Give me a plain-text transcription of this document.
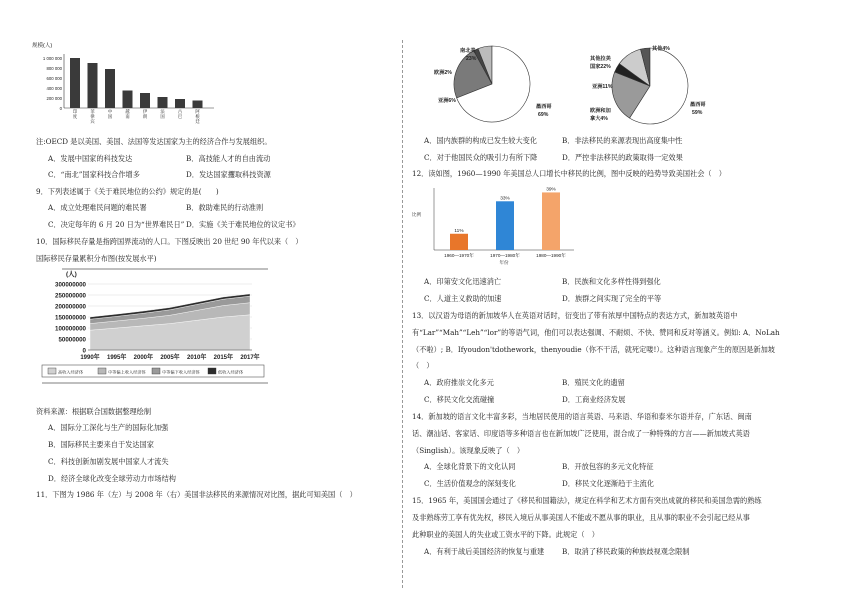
规模(人)
1 000 000
800 000
600 000
400 000
200 000
0
印度
菲律宾
中国
越南
伊朗
法国
古巴
阿根廷
注:OECD 是以美国、美国、法国等发达国家为主的经济合作与发展组织。
A．发展中国家的科技发达	B．高技能人才的自由流动
C．“南北”国家科技合作增多	D．发达国家攫取科技资源
9．下列表述属于《关于难民地位的公约》规定的是(　　)
A．成立处理难民问题的难民署	B．救助难民的行动准则
C．决定每年的 6 月 20 日为“世界难民日” D．实施《关于难民地位的议定书》
10．国际移民存量是指跨国界流动的人口。下图反映出 20 世纪 90 年代以来（　）
国际移民存量累积分布图(按发展水平)
(人)
300000000
250000000
200000000
150000000
100000000
50000000
0
1990年 1995年 2000年 2005年 2010年 2015年 2017年
高收入经济体	中等偏上收入经济体	中等偏下收入经济体	低收入经济体
资料来源：根据联合国数据整理绘制
A．国际分工深化与生产的国际化加强
B．国际移民主要来自于发达国家
C．科技创新加剧发展中国家人才流失
D．经济全球化改变全球劳动力市场结构
11．下图为 1986 年（左）与 2008 年（右）美国非法移民的来源情况对比图，据此可知美国（　）
南北美
23%
欧洲2%
亚洲6%
墨西哥
69%
其他拉美
国家22%
其他4%
亚洲11%
欧洲和加
拿大4%
墨西哥
59%
A．国内族群的构成已发生较大变化	B．非法移民的来源表现出高度集中性
C．对于他国民众的吸引力有所下降	D．严控非法移民的政策取得一定效果
12．读如图，1960—1990 年美国总人口增长中移民的比例，图中反映的趋势导致美国社会（　）
比例
11%
1960—1970年
33%
1970—1980年
39%
1980—1990年
年份
A．印第安文化迅速消亡	B．民族和文化多样性得到强化
C．人道主义救助的加速	D．族群之间实现了完全的平等
13．以汉语为母语的新加坡华人在英语对话时，衍变出了带有浓厚中国特点的表达方式，新加坡英语中
有“Lar”“Mah”“Leh”“lor”的等语气词，他们可以表达强调、不耐烦、不快、赞同和反对等涵义。例如: A．NoLah
（不啦）; B．Ifyoudon'tdothework，thenyoudie（你不干活，就死定喽!）。这种语言现象产生的原因是新加坡
（　）
A．政府推崇文化多元	B．殖民文化的遗留
C．移民文化交流碰撞	D．工商业经济发展
14．新加坡的语言文化丰富多彩，当地居民使用的语言英语、马来语、华语和泰米尔语并存，广东话、闽南
话、潮汕话、客家话、印度语等多种语言也在新加坡广泛使用，混合成了一种特殊的方言——新加坡式英语
（Singlish）。该现象反映了（　）
A．全球化背景下的文化认同	B．开放包容的多元文化特征
C．生活价值观念的深刻变化	D．移民文化逐渐趋于主流化
15．1965 年，美国国会通过了《移民和国籍法》，规定在科学和艺术方面有突出成就的移民和美国急需的熟练
及非熟练劳工享有优先权，移民入境后从事美国人不能或不愿从事的职业，且从事的职业不会引起已经从事
此种职业的美国人的失业或工资水平的下降。此规定（　）
A．有利于战后美国经济的恢复与重建 B．取消了移民政策的种族歧视观念限制
